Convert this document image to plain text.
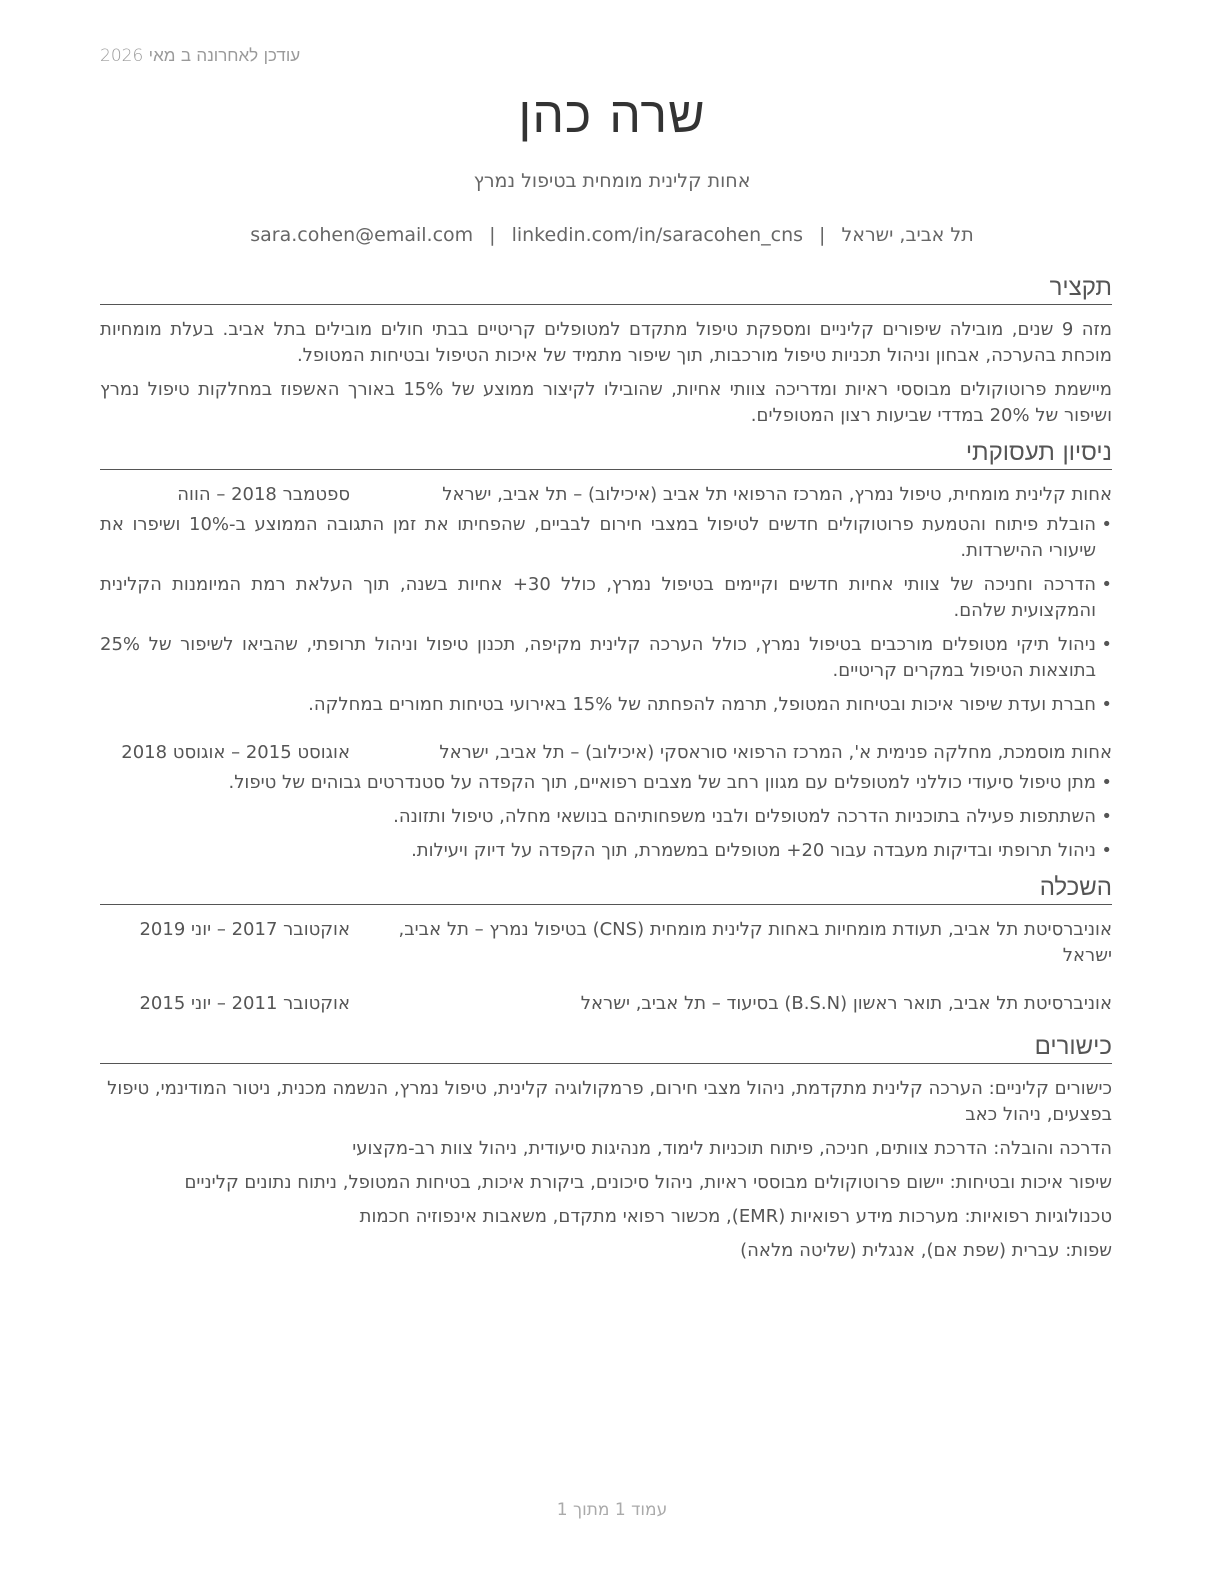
עודכן לאחרונה ב מאי 2026
שרה כהן
אחות קלינית מומחית בטיפול נמרץ
תל אביב, ישראל|sara.cohen@email.com | linkedin.com/in/saracohen_cns
תקציר

מזה 9 שנים, מובילה שיפורים קליניים ומספקת טיפול מתקדם למטופלים קריטיים בבתי חולים מובילים בתל אביב. בעלת מומחיות מוכחת בהערכה, אבחון וניהול תכניות טיפול מורכבות, תוך שיפור מתמיד של איכות הטיפול ובטיחות המטופל.

מיישמת פרוטוקולים מבוססי ראיות ומדריכה צוותי אחיות, שהובילו לקיצור ממוצע של 15% באורך האשפוז במחלקות טיפול נמרץ ושיפור של 20% במדדי שביעות רצון המטופלים.

ניסיון תעסוקתי
אחות קלינית מומחית, טיפול נמרץ, המרכז הרפואי תל אביב (איכילוב) – תל אביב, ישראל
ספטמבר 2018 – הווה
•
הובלת פיתוח והטמעת פרוטוקולים חדשים לטיפול במצבי חירום לבביים, שהפחיתו את זמן התגובה הממוצע ב-10% ושיפרו את שיעורי ההישרדות.
•
הדרכה וחניכה של צוותי אחיות חדשים וקיימים בטיפול נמרץ, כולל 30+ אחיות בשנה, תוך העלאת רמת המיומנות הקלינית והמקצועית שלהם.
•
ניהול תיקי מטופלים מורכבים בטיפול נמרץ, כולל הערכה קלינית מקיפה, תכנון טיפול וניהול תרופתי, שהביאו לשיפור של 25% בתוצאות הטיפול במקרים קריטיים.
•
חברת ועדת שיפור איכות ובטיחות המטופל, תרמה להפחתה של 15% באירועי בטיחות חמורים במחלקה.
אחות מוסמכת, מחלקה פנימית א', המרכז הרפואי סוראסקי (איכילוב) – תל אביב, ישראל
אוגוסט 2015 – אוגוסט 2018
•
מתן טיפול סיעודי כוללני למטופלים עם מגוון רחב של מצבים רפואיים, תוך הקפדה על סטנדרטים גבוהים של טיפול.
•
השתתפות פעילה בתוכניות הדרכה למטופלים ולבני משפחותיהם בנושאי מחלה, טיפול ותזונה.
•
ניהול תרופתי ובדיקות מעבדה עבור 20+ מטופלים במשמרת, תוך הקפדה על דיוק ויעילות.
השכלה
אוניברסיטת תל אביב, תעודת מומחיות באחות קלינית מומחית (CNS) בטיפול נמרץ – תל אביב, ישראל
אוקטובר 2017 – יוני 2019
אוניברסיטת תל אביב, תואר ראשון (B.S.N) בסיעוד – תל אביב, ישראל
אוקטובר 2011 – יוני 2015
כישורים

כישורים קליניים: הערכה קלינית מתקדמת, ניהול מצבי חירום, פרמקולוגיה קלינית, טיפול נמרץ, הנשמה מכנית, ניטור המודינמי, טיפול בפצעים, ניהול כאב

הדרכה והובלה: הדרכת צוותים, חניכה, פיתוח תוכניות לימוד, מנהיגות סיעודית, ניהול צוות רב-מקצועי

שיפור איכות ובטיחות: יישום פרוטוקולים מבוססי ראיות, ניהול סיכונים, ביקורת איכות, בטיחות המטופל, ניתוח נתונים קליניים

טכנולוגיות רפואיות: מערכות מידע רפואיות (EMR), מכשור רפואי מתקדם, משאבות אינפוזיה חכמות

שפות: עברית (שפת אם), אנגלית (שליטה מלאה)

עמוד 1 מתוך 1
